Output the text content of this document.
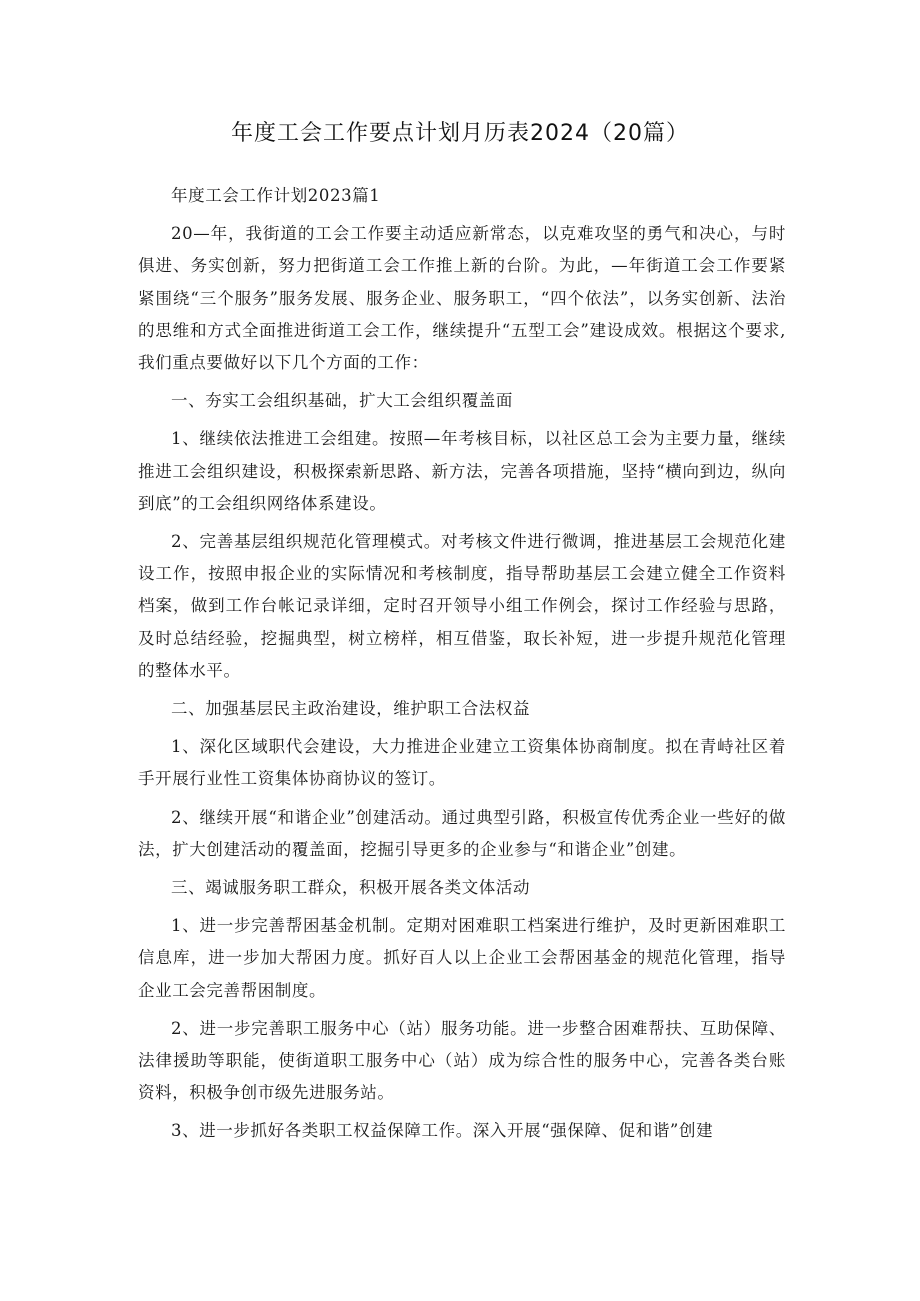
年度工会工作要点计划月历表2024（20篇）

年度工会工作计划2023篇1

20—年，我街道的工会工作要主动适应新常态，以克难攻坚的勇气和决心，与时俱进、务实创新，努力把街道工会工作推上新的台阶。为此，—年街道工会工作要紧紧围绕“三个服务”服务发展、服务企业、服务职工，“四个依法”，以务实创新、法治的思维和方式全面推进街道工会工作，继续提升“五型工会”建设成效。根据这个要求,我们重点要做好以下几个方面的工作：

一、夯实工会组织基础，扩大工会组织覆盖面

1、继续依法推进工会组建。按照—年考核目标，以社区总工会为主要力量，继续推进工会组织建设，积极探索新思路、新方法，完善各项措施，坚持“横向到边，纵向到底”的工会组织网络体系建设。

2、完善基层组织规范化管理模式。对考核文件进行微调，推进基层工会规范化建设工作，按照申报企业的实际情况和考核制度，指导帮助基层工会建立健全工作资料档案，做到工作台帐记录详细，定时召开领导小组工作例会，探讨工作经验与思路，及时总结经验，挖掘典型，树立榜样，相互借鉴，取长补短，进一步提升规范化管理的整体水平。

二、加强基层民主政治建设，维护职工合法权益

1、深化区域职代会建设，大力推进企业建立工资集体协商制度。拟在青峙社区着手开展行业性工资集体协商协议的签订。

2、继续开展“和谐企业”创建活动。通过典型引路，积极宣传优秀企业一些好的做法，扩大创建活动的覆盖面，挖掘引导更多的企业参与“和谐企业”创建。

三、竭诚服务职工群众，积极开展各类文体活动

1、进一步完善帮困基金机制。定期对困难职工档案进行维护，及时更新困难职工信息库，进一步加大帮困力度。抓好百人以上企业工会帮困基金的规范化管理，指导企业工会完善帮困制度。

2、进一步完善职工服务中心（站）服务功能。进一步整合困难帮扶、互助保障、法律援助等职能，使街道职工服务中心（站）成为综合性的服务中心，完善各类台账资料，积极争创市级先进服务站。

3、进一步抓好各类职工权益保障工作。深入开展“强保障、促和谐”创建
